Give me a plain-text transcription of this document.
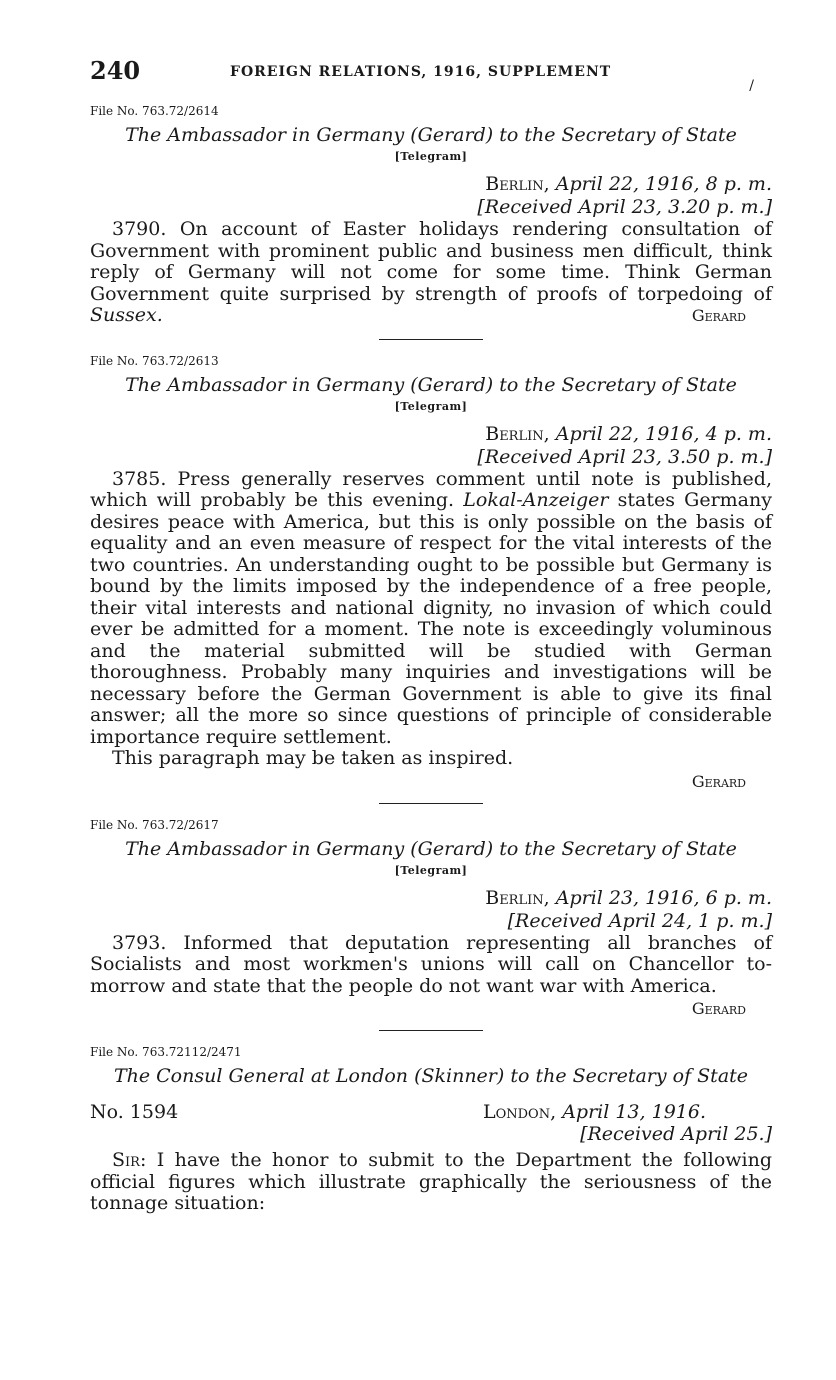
240	FOREIGN RELATIONS, 1916, SUPPLEMENT
/
File No. 763.72/2614
The Ambassador in Germany (Gerard) to the Secretary of State
[Telegram]
Berlin, April 22, 1916, 8 p. m.
[Received April 23, 3.20 p. m.]

3790. On account of Easter holidays rendering consultation of Government with prominent public and business men difficult, think reply of Germany will not come for some time. Think German Government quite surprised by strength of proofs of torpedoing of Sussex.	Gerard

File No. 763.72/2613
The Ambassador in Germany (Gerard) to the Secretary of State
[Telegram]
Berlin, April 22, 1916, 4 p. m.
[Received April 23, 3.50 p. m.]

3785. Press generally reserves comment until note is published, which will probably be this evening. Lokal-Anzeiger states Germany desires peace with America, but this is only possible on the basis of equality and an even measure of respect for the vital interests of the two countries. An understanding ought to be possible but Germany is bound by the limits imposed by the independence of a free people, their vital interests and national dignity, no invasion of which could ever be admitted for a moment. The note is exceedingly voluminous and the material submitted will be studied with German thoroughness. Probably many inquiries and investigations will be necessary before the German Government is able to give its final answer; all the more so since questions of principle of considerable importance require settlement.

This paragraph may be taken as inspired.

Gerard
File No. 763.72/2617
The Ambassador in Germany (Gerard) to the Secretary of State
[Telegram]
Berlin, April 23, 1916, 6 p. m.
[Received April 24, 1 p. m.]

3793. Informed that deputation representing all branches of Socialists and most workmen's unions will call on Chancellor to-morrow and state that the people do not want war with America.

Gerard
File No. 763.72112/2471
The Consul General at London (Skinner) to the Secretary of State
No. 1594	London, April 13, 1916.
[Received April 25.]

Sir: I have the honor to submit to the Department the following official figures which illustrate graphically the seriousness of the tonnage situation:
